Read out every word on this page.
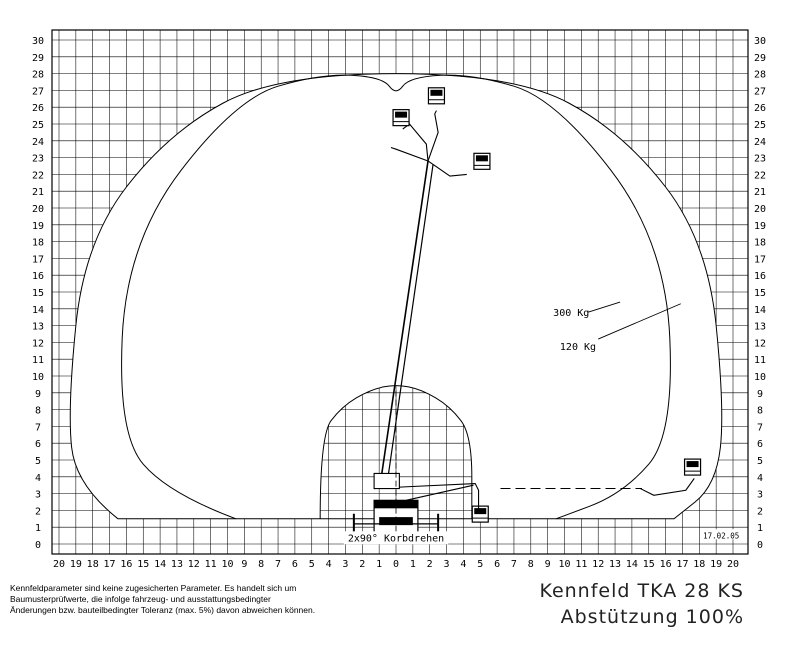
0	0
1	1
2	2
3	3
4	4
5	5
6	6
7	7
8	8
9	9
10	10
11	11
12	12
13	13
14	14
15	15
16	16
17	17
18	18
19	19
20	20
21	21
22	22
23	23
24	24
25	25
26	26
27	27
28	28
29	29
30	30
20 19 18 17 16 15 14 13 12 11 10 9 8 7 6 5 4 3 2 1 0 1 2 3 4 5 6 7 8 9 10 11 12 13 14 15 16 17 18 19 20
300 Kg
120 Kg
2x90° Korbdrehen	17.02.05
Kennfeldparameter sind keine zugesicherten Parameter. Es handelt sich um
Baumusterprüfwerte, die infolge fahrzeug- und ausstattungsbedingter
Änderungen bzw. bauteilbedingter Toleranz (max. 5%) davon abweichen können.
Kennfeld TKA 28 KS
Abstützung 100%
